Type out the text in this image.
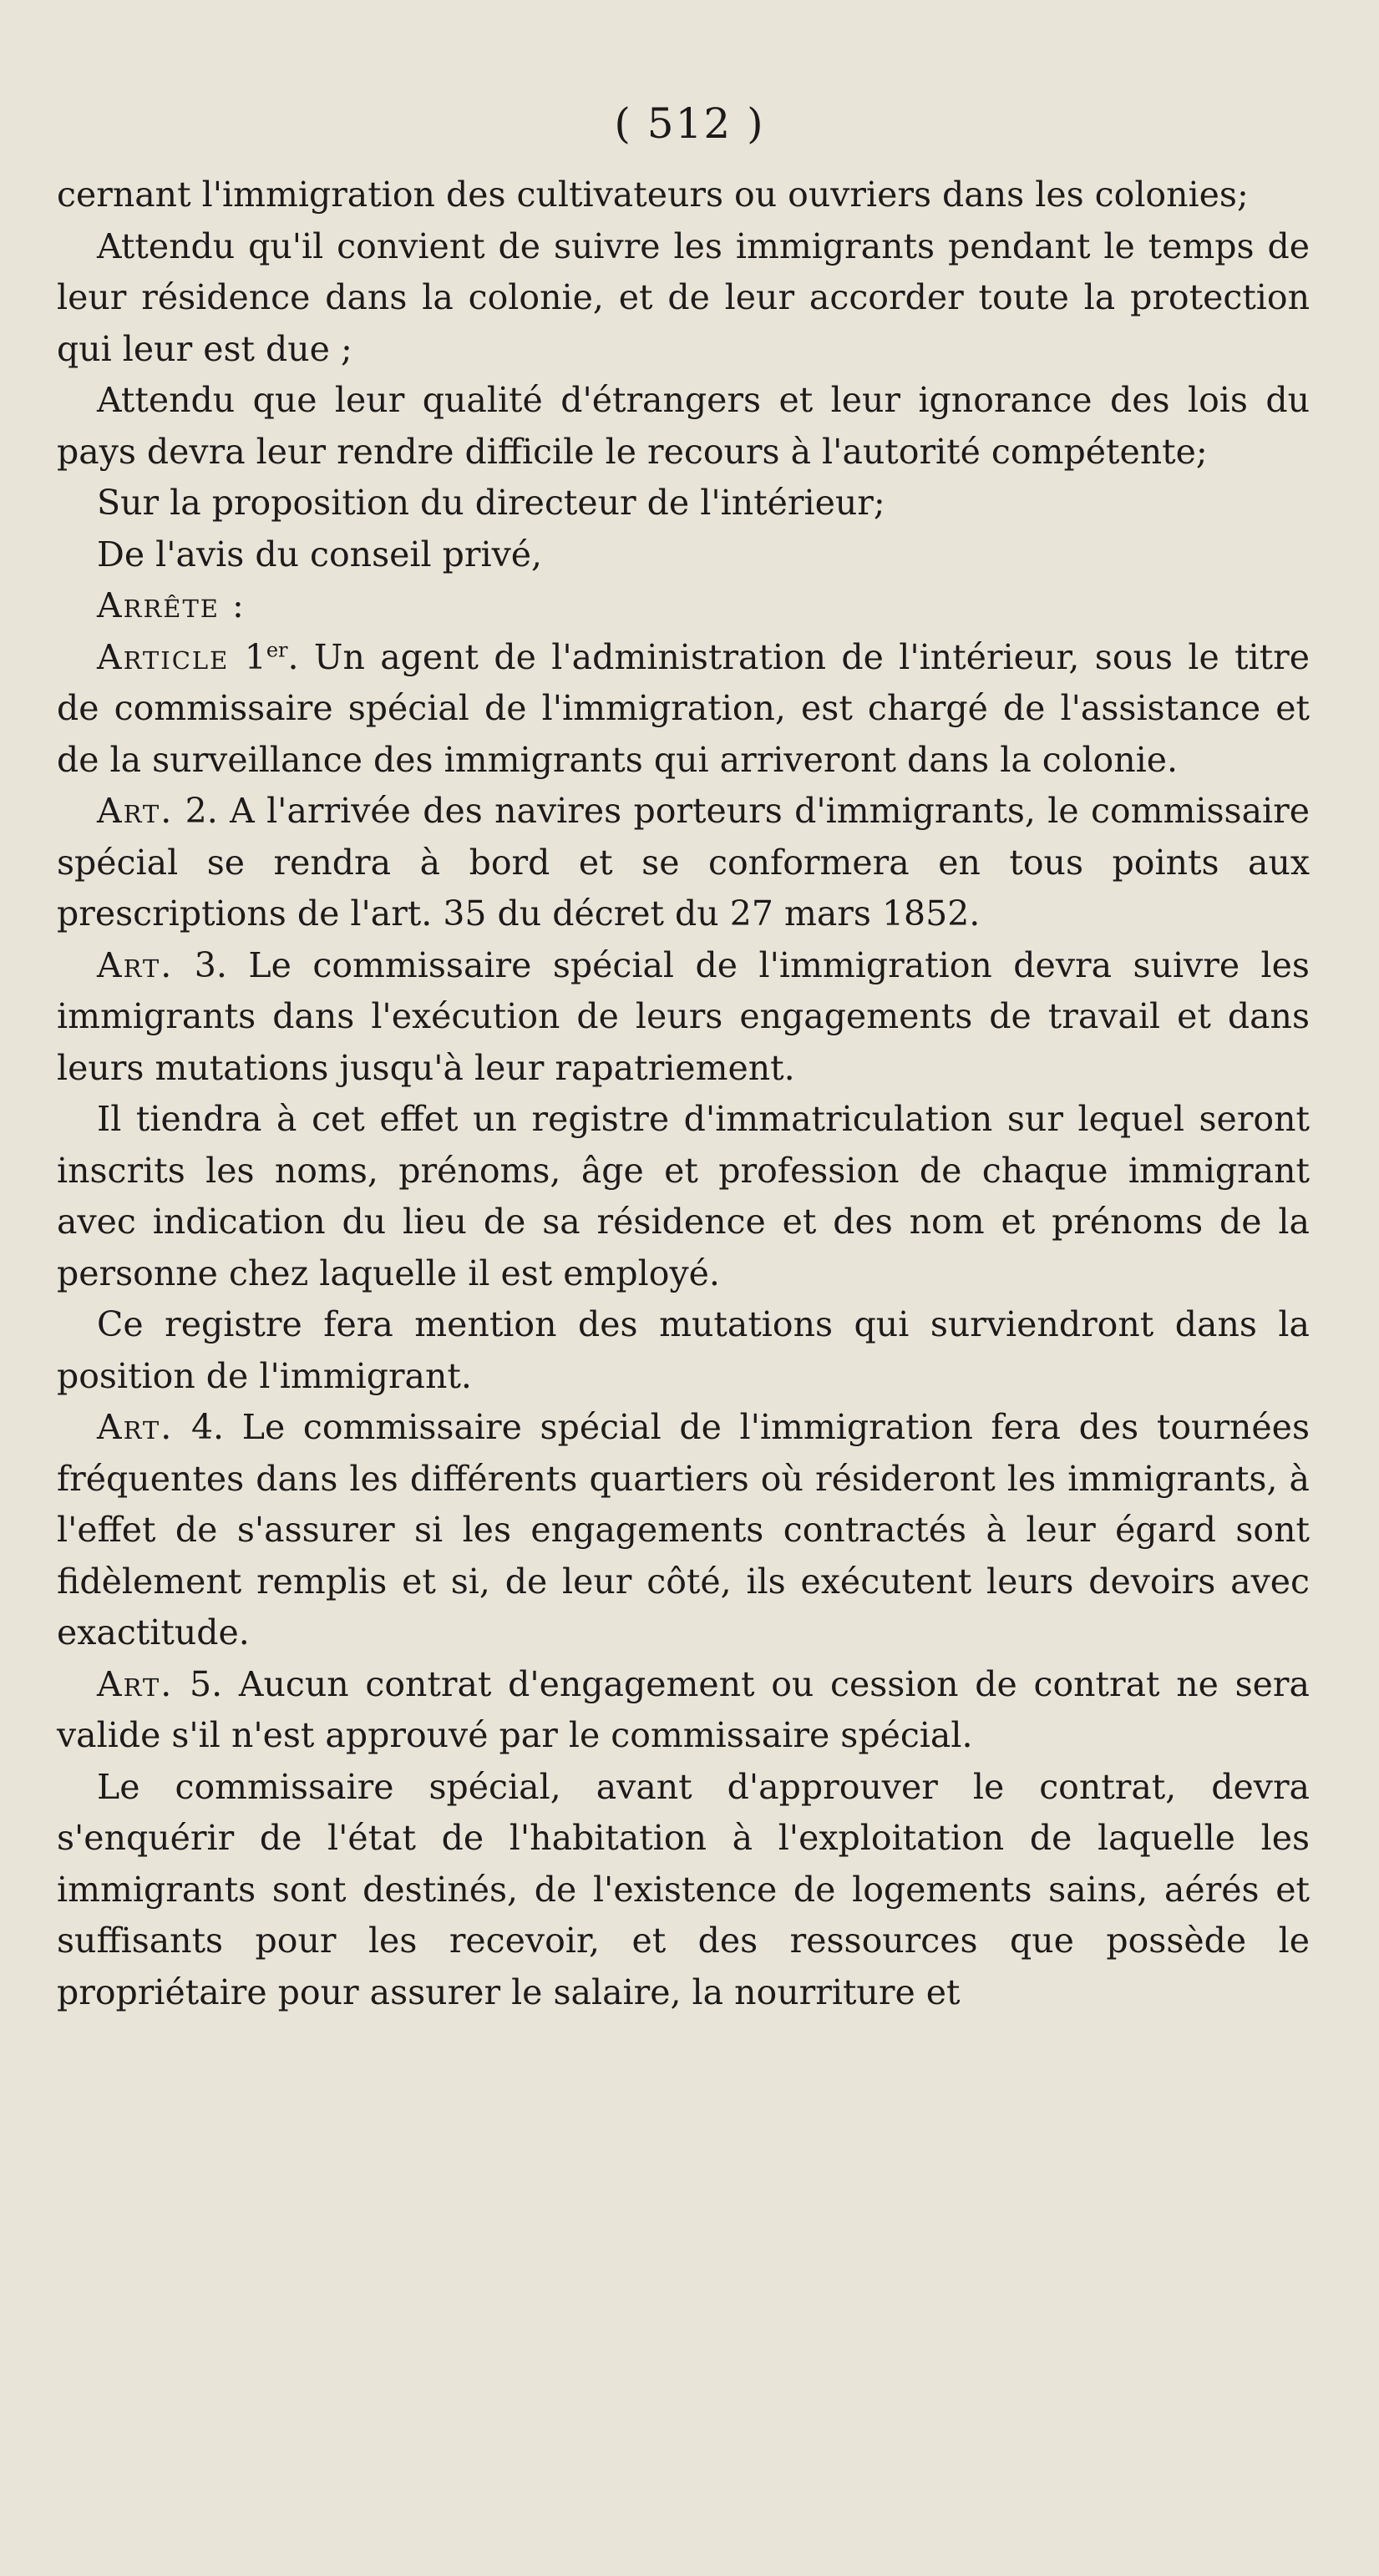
( 512 )

cernant l'immigration des cultivateurs ou ouvriers dans les colonies;

Attendu qu'il convient de suivre les immigrants pendant le temps de leur résidence dans la colonie, et de leur accorder toute la protection qui leur est due ;

Attendu que leur qualité d'étrangers et leur ignorance des lois du pays devra leur rendre difficile le recours à l'autorité compétente;

Sur la proposition du directeur de l'intérieur;

De l'avis du conseil privé,

Arrête :

Article 1er. Un agent de l'administration de l'intérieur, sous le titre de commissaire spécial de l'immigration, est chargé de l'assistance et de la surveillance des immigrants qui arriveront dans la colonie.

Art. 2. A l'arrivée des navires porteurs d'immigrants, le commissaire spécial se rendra à bord et se conformera en tous points aux prescriptions de l'art. 35 du décret du 27 mars 1852.

Art. 3. Le commissaire spécial de l'immigration devra suivre les immigrants dans l'exécution de leurs engagements de travail et dans leurs mutations jusqu'à leur rapatriement.

Il tiendra à cet effet un registre d'immatriculation sur lequel seront inscrits les noms, prénoms, âge et profession de chaque immigrant avec indication du lieu de sa résidence et des nom et prénoms de la personne chez laquelle il est employé.

Ce registre fera mention des mutations qui surviendront dans la position de l'immigrant.

Art. 4. Le commissaire spécial de l'immigration fera des tournées fréquentes dans les différents quartiers où résideront les immigrants, à l'effet de s'assurer si les engagements contractés à leur égard sont fidèlement remplis et si, de leur côté, ils exécutent leurs devoirs avec exactitude.

Art. 5. Aucun contrat d'engagement ou cession de contrat ne sera valide s'il n'est approuvé par le commissaire spécial.

Le commissaire spécial, avant d'approuver le contrat, devra s'enquérir de l'état de l'habitation à l'exploitation de laquelle les immigrants sont destinés, de l'existence de logements sains, aérés et suffisants pour les recevoir, et des ressources que possède le propriétaire pour assurer le salaire, la nourriture et
